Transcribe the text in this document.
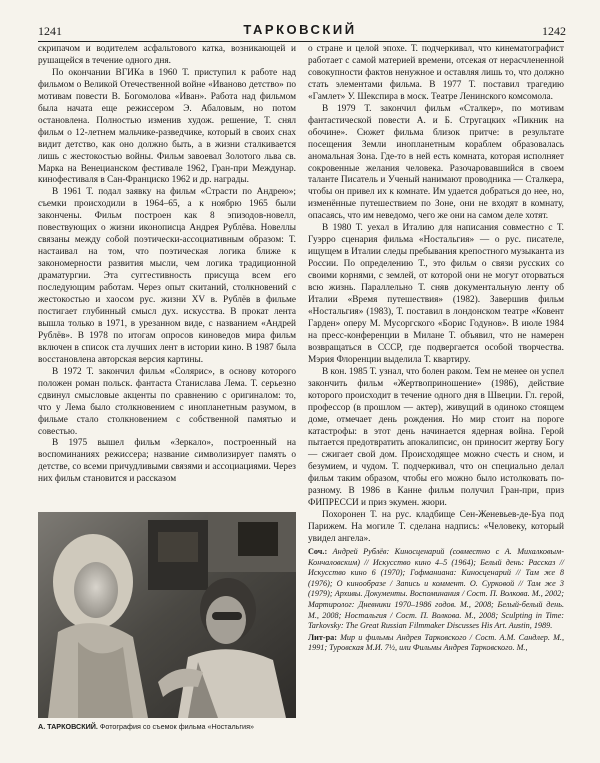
1241	ТАРКОВСКИЙ	1242

скрипачом и водителем асфальтового катка, возникающей и рушащейся в течение одного дня.

По окончании ВГИКа в 1960 Т. приступил к работе над фильмом о Великой Отечественной войне «Иваново детство» по мотивам повести В. Богомолова «Иван». Работа над фильмом была начата еще режиссером Э. Абаловым, но потом остановлена. Полностью изменив худож. решение, Т. снял фильм о 12-летнем мальчике-разведчике, который в своих снах видит детство, как оно должно быть, а в жизни сталкивается лишь с жестокостью войны. Фильм завоевал Золотого льва св. Марка на Венецианском фестивале 1962, Гран-при Междунар. кинофестиваля в Сан-Франциско 1962 и др. награды.

В 1961 Т. подал заявку на фильм «Страсти по Андрею»; съемки происходили в 1964–65, а к ноябрю 1965 были закончены. Фильм построен как 8 эпизодов-новелл, повествующих о жизни иконописца Андрея Рублёва. Новеллы связаны между собой поэтически-ассоциативным образом: Т. настаивал на том, что поэтическая логика ближе к закономерности развития мысли, чем логика традиционной драматургии. Эта суггестивность присуща всем его последующим работам. Через опыт скитаний, столкновений с жестокостью и хаосом рус. жизни XV в. Рублёв в фильме постигает глубинный смысл дух. искусства. В прокат лента вышла только в 1971, в урезанном виде, с названием «Андрей Рублёв». В 1978 по итогам опросов киноведов мира фильм включен в список ста лучших лент в истории кино. В 1987 была восстановлена авторская версия картины.

В 1972 Т. закончил фильм «Солярис», в основу которого положен роман польск. фантаста Станислава Лема. Т. серьезно сдвинул смысловые акценты по сравнению с оригиналом: то, что у Лема было столкновением с инопланетным разумом, в фильме стало столкновением с собственной памятью и совестью.

В 1975 вышел фильм «Зеркало», построенный на воспоминаниях режиссера; название символизирует память о детстве, со всеми причудливыми связями и ассоциациями. Через них фильм становится и рассказом

А. ТАРКОВСКИЙ. Фотография со съемок фильма «Ностальгия»

о стране и целой эпохе. Т. подчеркивал, что кинематографист работает с самой материей времени, отсекая от нерасчлененной совокупности фактов ненужное и оставляя лишь то, что должно стать элементами фильма. В 1977 Т. поставил трагедию «Гамлет» У. Шекспира в моск. Театре Ленинского комсомола.

В 1979 Т. закончил фильм «Сталкер», по мотивам фантастической повести А. и Б. Стругацких «Пикник на обочине». Сюжет фильма близок притче: в результате посещения Земли инопланетным кораблем образовалась аномальная Зона. Где-то в ней есть комната, которая исполняет сокровенные желания человека. Разочаровавшийся в своем таланте Писатель и Ученый нанимают проводника — Сталкера, чтобы он привел их к комнате. Им удается добраться до нее, но, изменённые путешествием по Зоне, они не входят в комнату, опасаясь, что им неведомо, чего же они на самом деле хотят.

В 1980 Т. уехал в Италию для написания совместно с Т. Гуэрро сценария фильма «Ностальгия» — о рус. писателе, ищущем в Италии следы пребывания крепостного музыканта из России. По определению Т., это фильм о связи русских со своими корнями, с землей, от которой они не могут оторваться всю жизнь. Параллельно Т. сняв документальную ленту об Италии «Время путешествия» (1982). Завершив фильм «Ностальгия» (1983), Т. поставил в лондонском театре «Ковент Гарден» оперу М. Мусоргского «Борис Годунов». В июле 1984 на пресс-конференции в Милане Т. объявил, что не намерен возвращаться в СССР, где подвергается особой творчества. Мэрия Флоренции выделила Т. квартиру.

В кон. 1985 Т. узнал, что болен раком. Тем не менее он успел закончить фильм «Жертвоприношение» (1986), действие которого происходит в течение одного дня в Швеции. Гл. герой, профессор (в прошлом — актер), живущий в одиноко стоящем доме, отмечает день рождения. Но мир стоит на пороге катастрофы: в этот день начинается ядерная война. Герой пытается предотвратить апокалипсис, он приносит жертву Богу — сжигает свой дом. Происходящее можно счесть и сном, и безумием, и чудом. Т. подчеркивал, что он специально делал фильм таким образом, чтобы его можно было истолковать по-разному. В 1986 в Канне фильм получил Гран-при, приз ФИПРЕССИ и приз экумен. жюри.

Похоронен Т. на рус. кладбище Сен-Женевьев-де-Буа под Парижем. На могиле Т. сделана надпись: «Человеку, который увидел ангела».

Соч.: Андрей Рублёв: Киносценарий (совместно с А. Михалковым-Кончаловским) // Искусство кино 4–5 (1964); Белый день: Рассказ // Искусство кино 6 (1970); Гофманиана: Киносценарий // Там же 8 (1976); О кинообразе / Запись и коммент. О. Сурковой // Там же 3 (1979); Архивы. Документы. Воспоминания / Сост. П. Волкова. М., 2002; Мартиролог: Дневники 1970–1986 годов. М., 2008; Белый-белый день. М., 2008; Ностальгия / Сост. П. Волкова. М., 2008; Sculpting in Time: Tarkovsky: The Great Russian Filmmaker Discusses His Art. Austin, 1989.

Лит-ра: Мир и фильмы Андрея Тарковского / Сост. А.М. Сандлер. М., 1991; Туровская М.И. 7½, или Фильмы Андрея Тарковского. М.,
